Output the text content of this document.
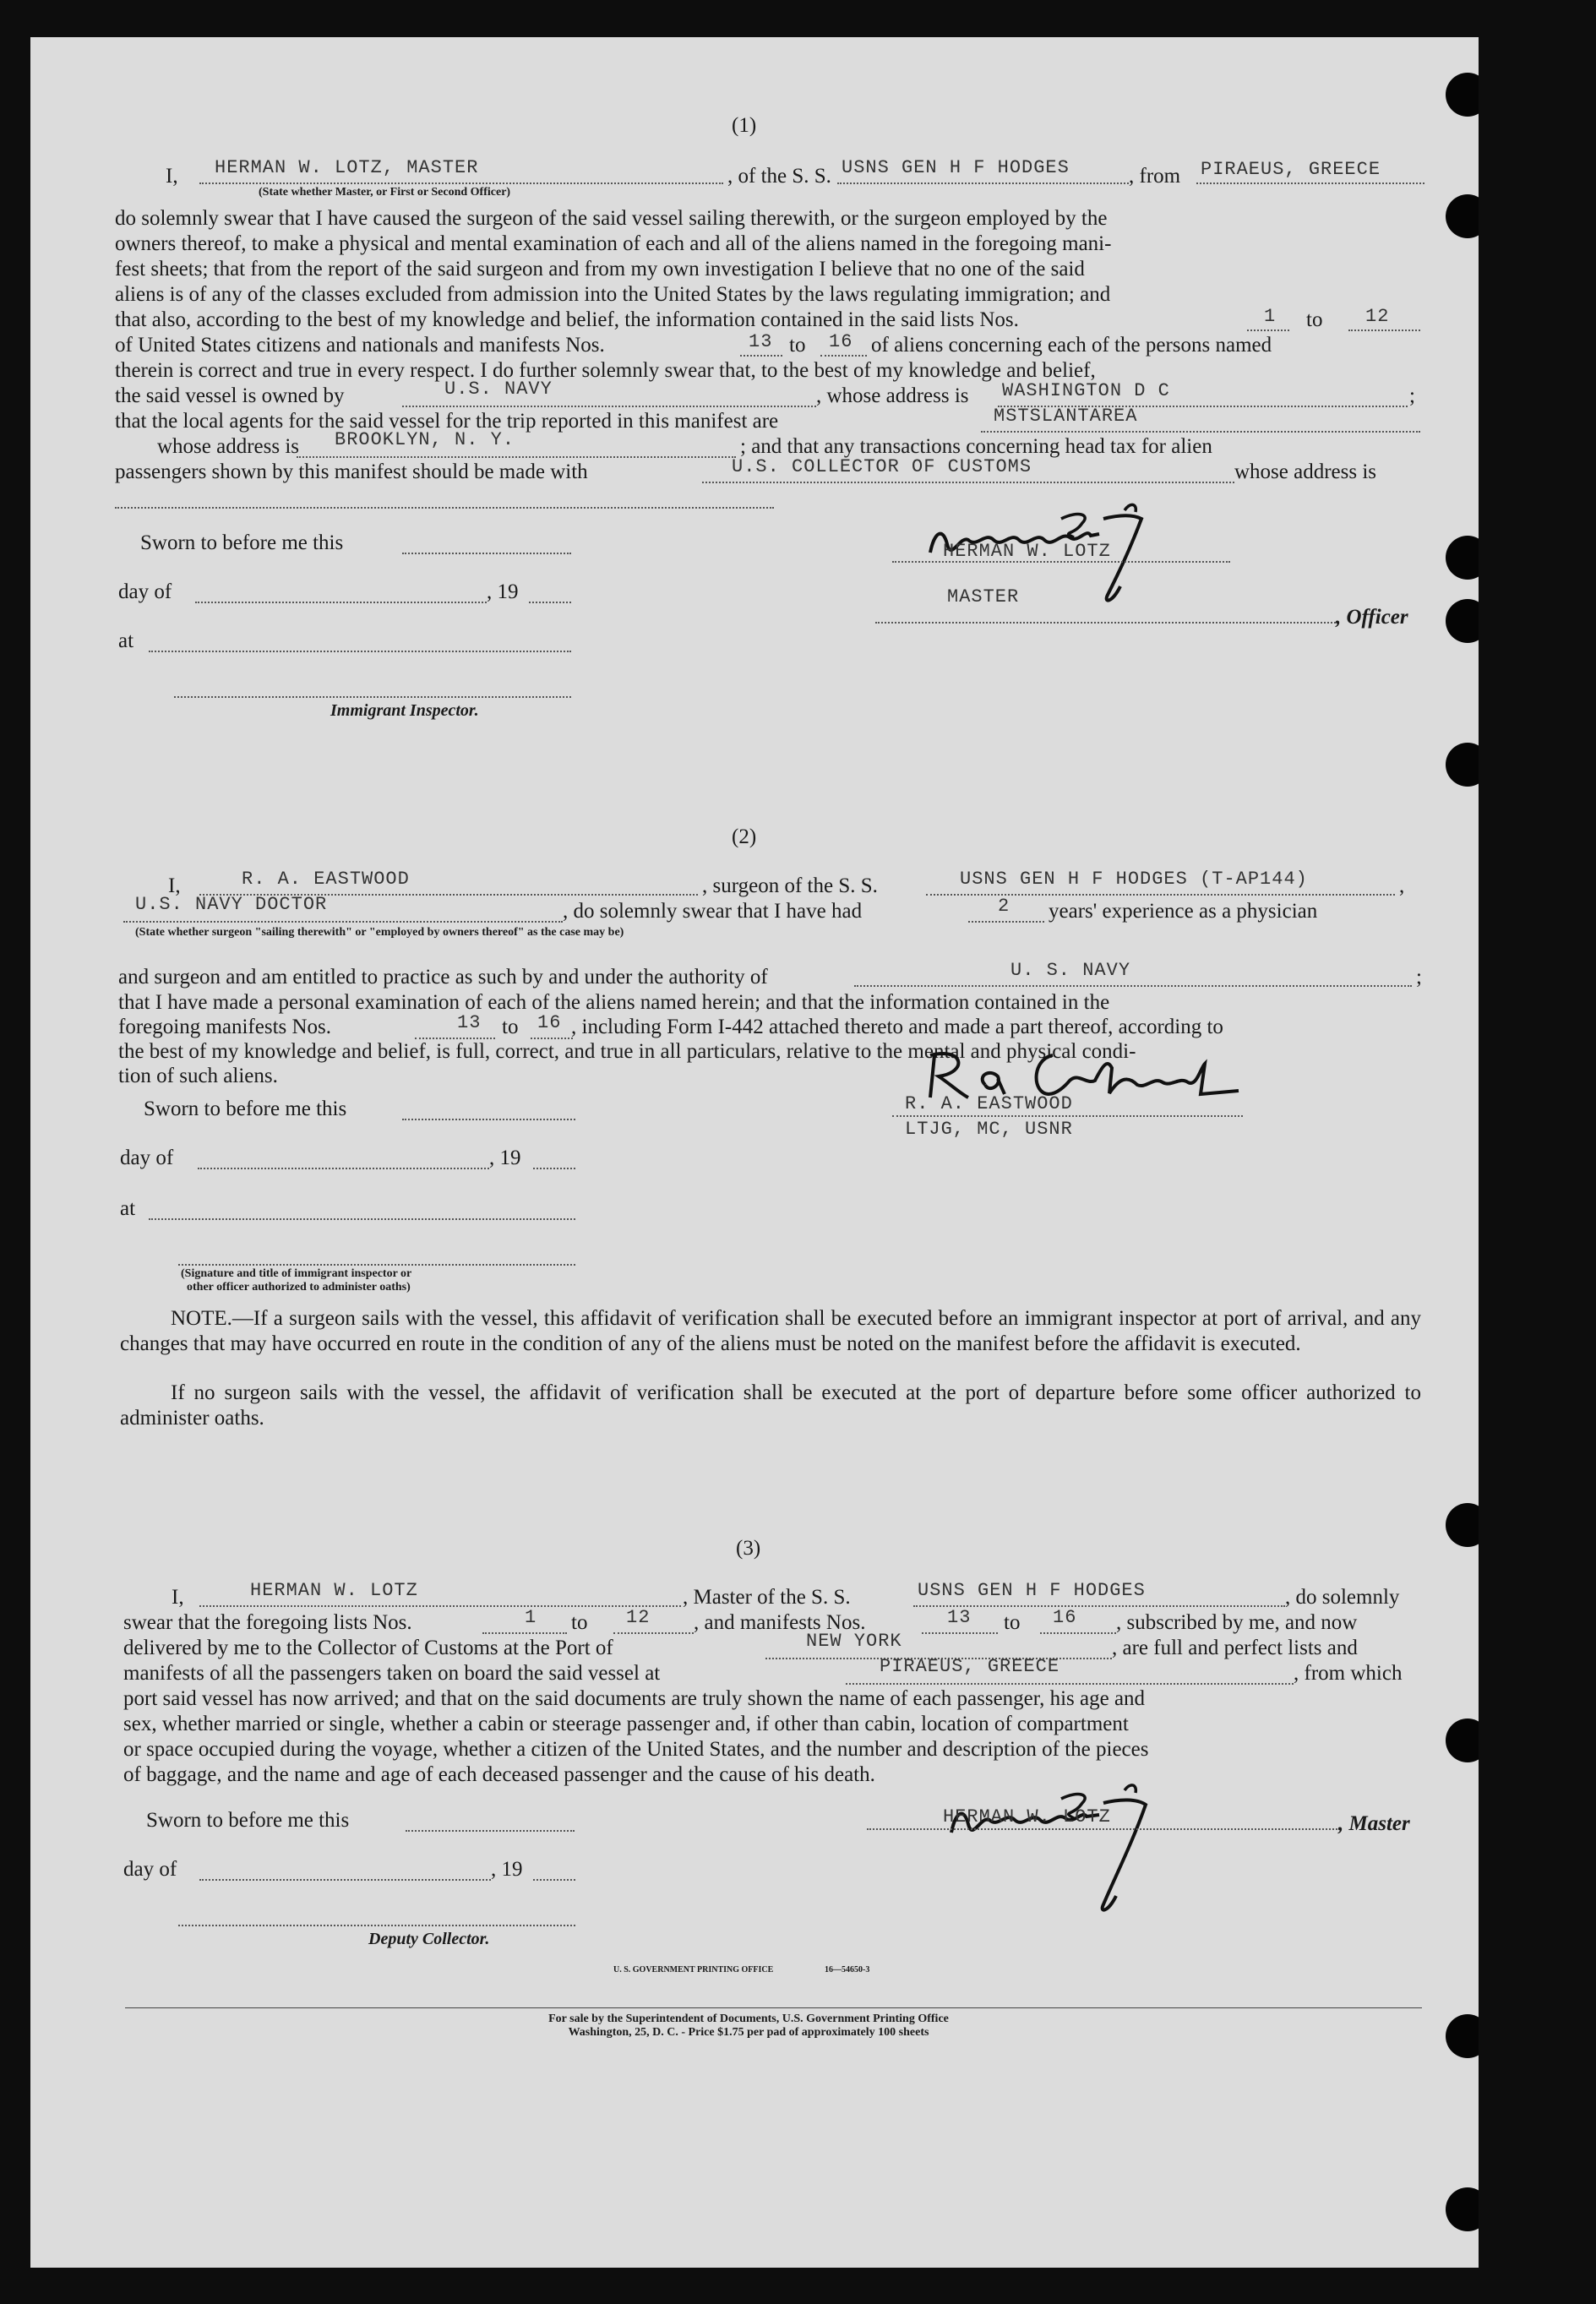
(1)
I, HERMAN W. LOTZ, MASTER
(State whether Master, or First or Second Officer)
, of the S. S. USNS GEN H F HODGES	, from PIRAEUS, GREECE
do solemnly swear that I have caused the surgeon of the said vessel sailing therewith, or the surgeon employed by the
owners thereof, to make a physical and mental examination of each and all of the aliens named in the foregoing mani-
fest sheets; that from the report of the said surgeon and from my own investigation I believe that no one of the said
aliens is of any of the classes excluded from admission into the United States by the laws regulating immigration; and
that also, according to the best of my knowledge and belief, the information contained in the said lists Nos.	1 to 12
of United States citizens and nationals and manifests Nos.	13 to 16 of aliens concerning each of the persons named
therein is correct and true in every respect. I do further solemnly swear that, to the best of my knowledge and belief,
the said vessel is owned by	U.S. NAVY	, whose address is WASHINGTON D C	;
that the local agents for the said vessel for the trip reported in this manifest are	MSTSLANTAREA
whose address is BROOKLYN, N. Y.	; and that any transactions concerning head tax for alien
passengers shown by this manifest should be made with	U.S. COLLECTOR OF CUSTOMS	whose address is
Sworn to before me this
day of	, 19
at
Immigrant Inspector.
HERMAN W. LOTZ
MASTER
, Officer
(2)
I,	R. A. EASTWOOD	, surgeon of the S. S.	USNS GEN H F HODGES (T-AP144)	,
U.S. NAVY DOCTOR	, do solemnly swear that I have had	2 years' experience as a physician
(State whether surgeon "sailing therewith" or "employed by owners thereof" as the case may be)
and surgeon and am entitled to practice as such by and under the authority of	U. S. NAVY	;
that I have made a personal examination of each of the aliens named herein; and that the information contained in the
foregoing manifests Nos.	13 to 16 , including Form I-442 attached thereto and made a part thereof, according to
the best of my knowledge and belief, is full, correct, and true in all particulars, relative to the mental and physical condi-
tion of such aliens.
R. A. EASTWOOD
LTJG, MC, USNR
Sworn to before me this
day of	, 19
at
(Signature and title of immigrant inspector or
other officer authorized to administer oaths)
NOTE.—If a surgeon sails with the vessel, this affidavit of verification shall be executed before an immigrant inspector at port of arrival, and any changes that may have occurred en route in the condition of any of the aliens must be noted on the manifest before the affidavit is executed.
If no surgeon sails with the vessel, the affidavit of verification shall be executed at the port of departure before some officer authorized to administer oaths.
(3)
I,	HERMAN W. LOTZ	, Master of the S. S.	USNS GEN H F HODGES	, do solemnly
swear that the foregoing lists Nos.	1 to 12 , and manifests Nos.	13 to 16 , subscribed by me, and now
delivered by me to the Collector of Customs at the Port of	NEW YORK	, are full and perfect lists and
manifests of all the passengers taken on board the said vessel at	PIRAEUS, GREECE	, from which
port said vessel has now arrived; and that on the said documents are truly shown the name of each passenger, his age and
sex, whether married or single, whether a cabin or steerage passenger and, if other than cabin, location of compartment
or space occupied during the voyage, whether a citizen of the United States, and the number and description of the pieces
of baggage, and the name and age of each deceased passenger and the cause of his death.
HERMAN W. LOTZ	, Master
Sworn to before me this
day of	, 19
Deputy Collector.
U. S. GOVERNMENT PRINTING OFFICE	16—54650-3
For sale by the Superintendent of Documents, U.S. Government Printing Office
Washington, 25, D. C. - Price $1.75 per pad of approximately 100 sheets
